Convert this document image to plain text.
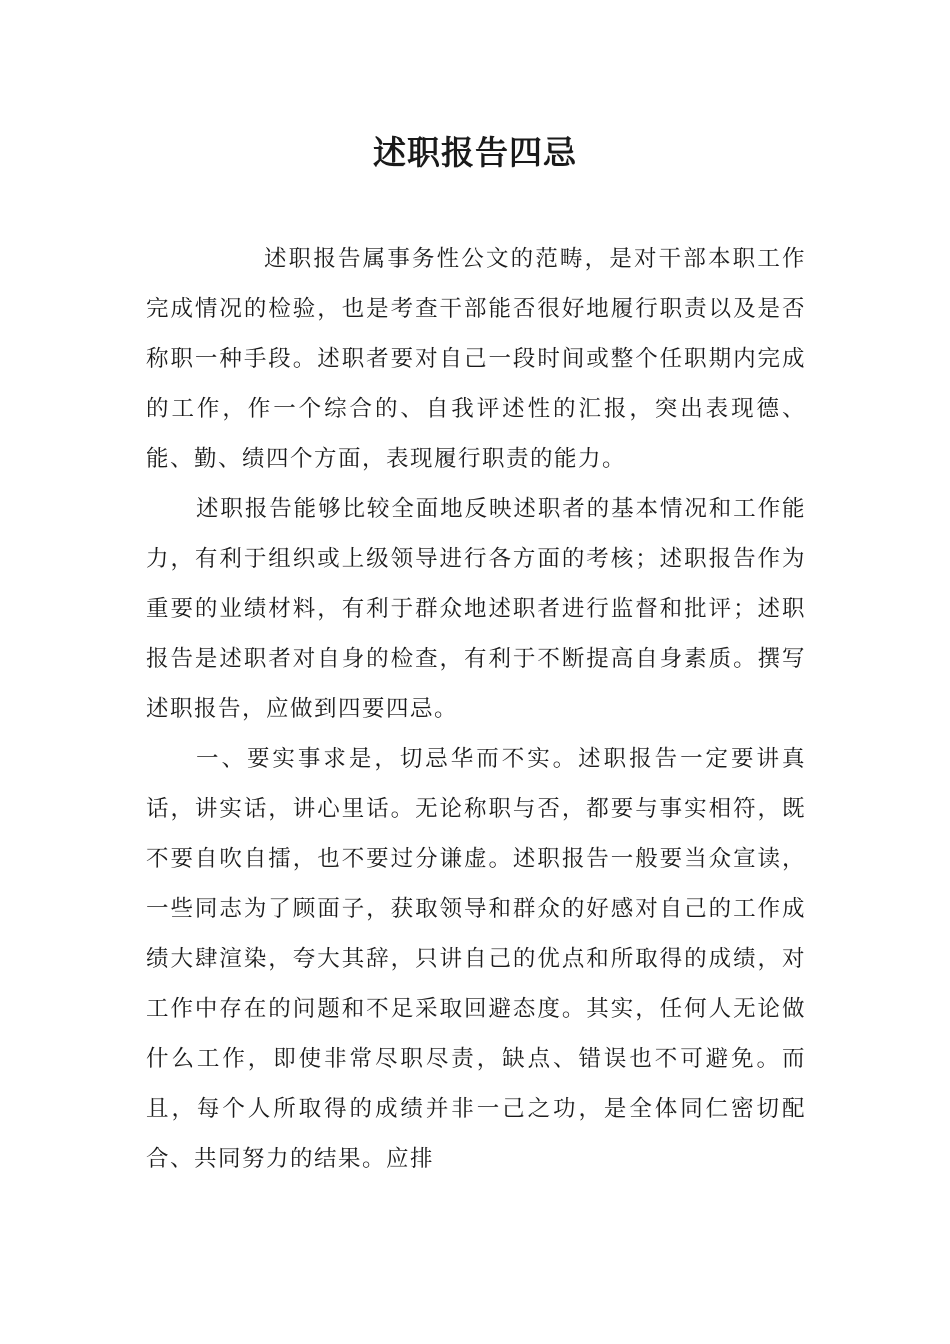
述职报告四忌

述职报告属事务性公文的范畴，是对干部本职工作完成情况的检验，也是考查干部能否很好地履行职责以及是否称职一种手段。述职者要对自己一段时间或整个任职期内完成的工作，作一个综合的、自我评述性的汇报，突出表现德、能、勤、绩四个方面，表现履行职责的能力。

述职报告能够比较全面地反映述职者的基本情况和工作能力，有利于组织或上级领导进行各方面的考核；述职报告作为重要的业绩材料，有利于群众地述职者进行监督和批评；述职报告是述职者对自身的检查，有利于不断提高自身素质。撰写述职报告，应做到四要四忌。

一、要实事求是，切忌华而不实。述职报告一定要讲真话，讲实话，讲心里话。无论称职与否，都要与事实相符，既不要自吹自擂，也不要过分谦虚。述职报告一般要当众宣读，一些同志为了顾面子，获取领导和群众的好感对自己的工作成绩大肆渲染，夸大其辞，只讲自己的优点和所取得的成绩，对工作中存在的问题和不足采取回避态度。其实，任何人无论做什么工作，即使非常尽职尽责，缺点、错误也不可避免。而且，每个人所取得的成绩并非一己之功，是全体同仁密切配合、共同努力的结果。应排
